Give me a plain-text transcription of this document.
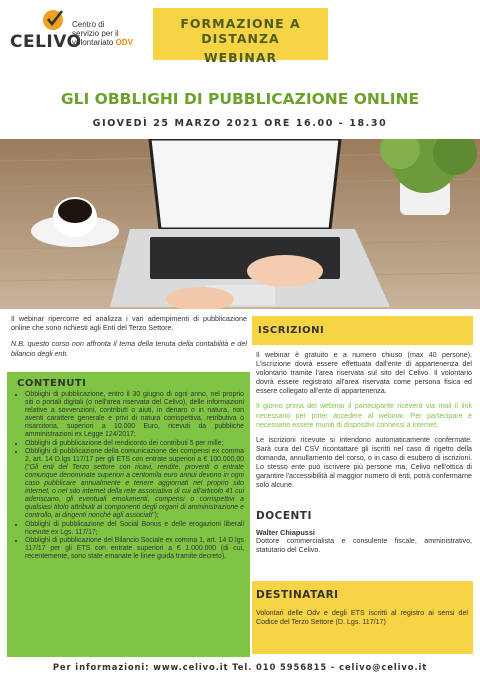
CELIVO
Centro di
servizio per il
volontariato ODV
FORMAZIONE A DISTANZA
WEBINAR
GLI OBBLIGHI DI PUBBLICAZIONE ONLINE
GIOVEDÌ 25 MARZO 2021 ORE 16.00 - 18.30

Il webinar ripercorre ed analizza i vari adempimenti di pubblicazione online che sono richiesti agli Enti del Terzo Settore.

N.B. questo corso non affronta il tema della tenuta della contabilità e del bilancio degli enti.

CONTENUTI
• Obblighi di pubblicazione, entro il 30 giugno di ogni anno, nel proprio siti o portali digitali (o nell'area riservata del Celivo), delle informazioni relative a sovvenzioni, contributi o aiuti, in denaro o in natura, non aventi carattere generale e privi di natura corrispettiva, retributiva o risarcitoria, superiori a 10.000 Euro, ricevuti da pubbliche amministrazioni ex Legge 124/2017;
• Obblighi di pubblicazione del rendiconto dei contributi 5 per mille;
• Obblighi di pubblicazione della comunicazione dei compensi ex comma 2, art. 14 D.lgs 117/17 per gli ETS con entrate superiori a € 100.000,00 ("Gli enti del Terzo settore con ricavi, rendite, proventi o entrate comunque denominate superiori a centomila euro annui devono in ogni caso pubblicare annualmente e tenere aggiornati nel proprio sito internet, o nel sito internet della rete associativa di cui all'articolo 41 cui aderiscano, gli eventuali emolumenti, compensi o corrispettivi a qualsiasi titolo attribuiti ai componenti degli organi di amministrazione e controllo, ai dirigenti nonché agli associati");
• Obblighi di pubblicazione del Social Bonus e delle erogazioni liberali ricevute ex Lgs. 117/17;
• Obblighi di pubblicazione del Bilancio Sociale ex comma 1, art. 14 D.lgs 117/17 per gli ETS con entrate superiori a € 1.000.000 (di cui, recentemente, sono state emanate le linee guida tramite decreto).
ISCRIZIONI

Il webinar è gratuito e a numero chiuso (max 40 persone). L'iscrizione dovrà essere effettuata dall'ente di appartenenza del volontario tramite l'area riservata sul sito del Celivo. Il volontario dovrà essere registrato all'area riservata come persona fisica ed essere collegato all'ente di appartenenza.

Il giorno prima del webinar il partecipante riceverà via mail il link necessario per poter accedere al webinar. Per partecipare è necessario essere muniti di dispositivi connessi a internet.

Le iscrizioni ricevute si intendono automaticamente confermate. Sarà cura del CSV ricontattare gli iscritti nel caso di rigetto della domanda, annullamento del corso, o in caso di esubero di iscrizioni. Lo stesso ente può iscrivere più persone ma, Celivo nell'ottica di garantire l'accessibilità al maggior numero di enti, potrà confermarne solo alcune.

DOCENTI
Walter Chiapussi
Dottore commercialista e consulente fiscale, amministrativo, statutario del Celivo.
DESTINATARI
Volontari delle Odv e degli ETS iscritti al registro ai sensi del Codice del Terzo Settore (D. Lgs. 117/17)
Per informazioni: www.celivo.it Tel. 010 5956815 - celivo@celivo.it
